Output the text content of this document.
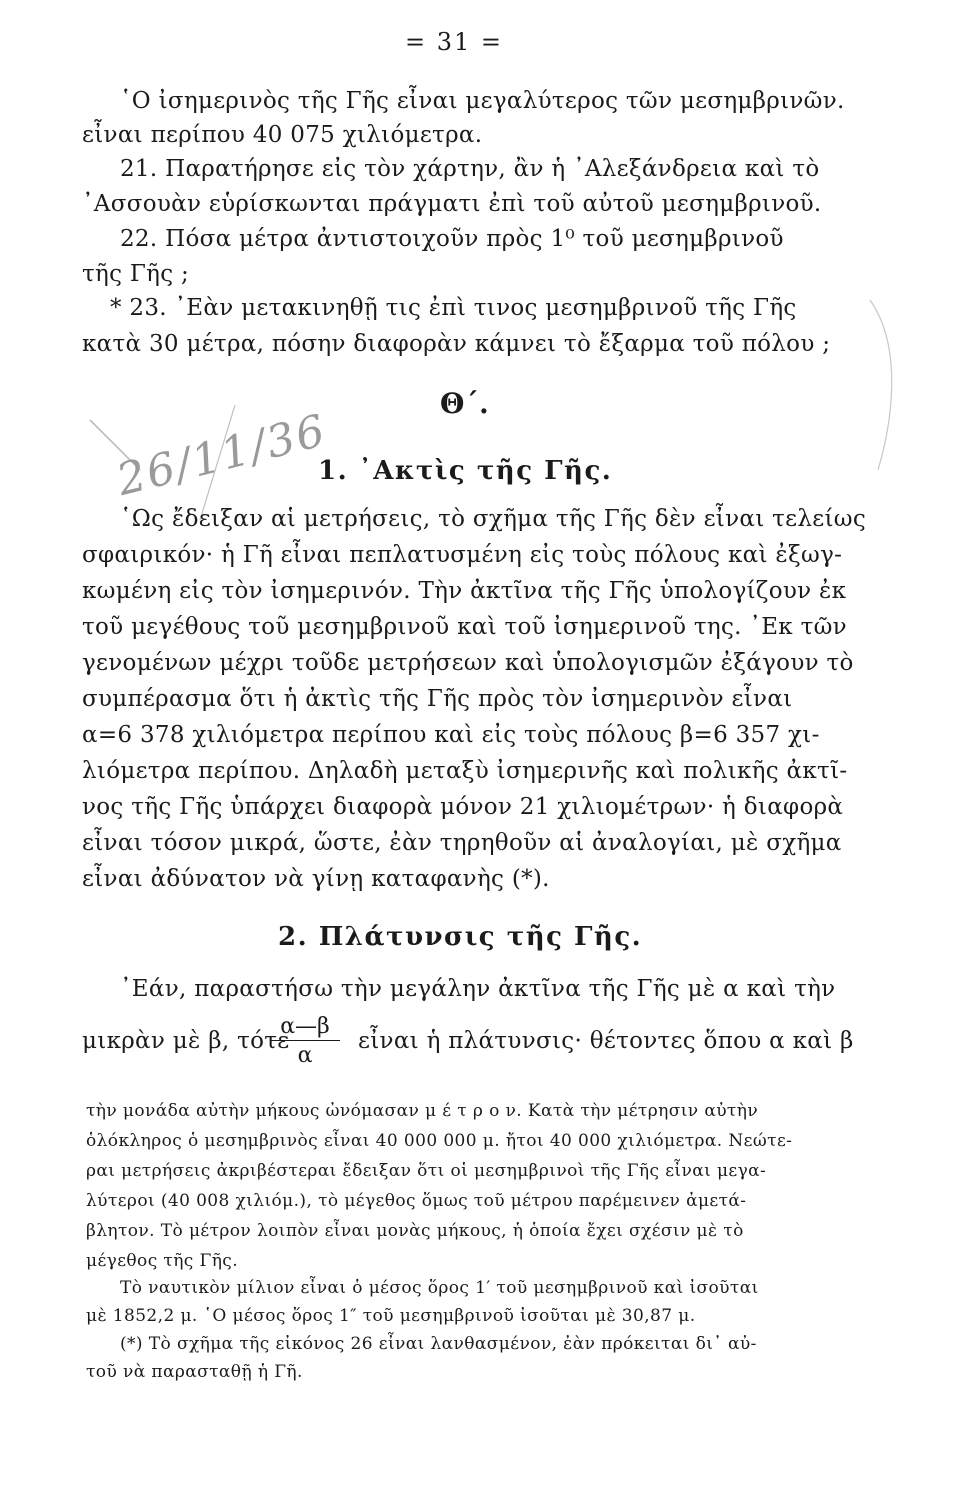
= 31 =
῾Ο ἰσημερινὸς τῆς Γῆς εἶναι μεγαλύτερος τῶν μεσημβρινῶν.
εἶναι περίπου 40 075 χιλιόμετρα.
21. Παρατήρησε εἰς τὸν χάρτην, ἂν ἡ ᾿Αλεξάνδρεια καὶ τὸ
᾿Ασσουὰν εὑρίσκωνται πράγματι ἐπὶ τοῦ αὐτοῦ μεσημβρινοῦ.
22. Πόσα μέτρα ἀντιστοιχοῦν πρὸς 1⁰ τοῦ μεσημβρινοῦ
τῆς Γῆς ;
* 23. ᾿Εὰν μετακινηθῇ τις ἐπὶ τινος μεσημβρινοῦ τῆς Γῆς
κατὰ 30 μέτρα, πόσην διαφορὰν κάμνει τὸ ἔξαρμα τοῦ πόλου ;
Θ΄.
26/11/36
1. ᾿Ακτὶς τῆς Γῆς.
῾Ως ἔδειξαν αἱ μετρήσεις, τὸ σχῆμα τῆς Γῆς δὲν εἶναι τελείως
σφαιρικόν· ἡ Γῆ εἶναι πεπλατυσμένη εἰς τοὺς πόλους καὶ ἐξωγ-
κωμένη εἰς τὸν ἰσημερινόν. Τὴν ἀκτῖνα τῆς Γῆς ὑπολογίζουν ἐκ
τοῦ μεγέθους τοῦ μεσημβρινοῦ καὶ τοῦ ἰσημερινοῦ της. ᾿Εκ τῶν
γενομένων μέχρι τοῦδε μετρήσεων καὶ ὑπολογισμῶν ἐξάγουν τὸ
συμπέρασμα ὅτι ἡ ἀκτὶς τῆς Γῆς πρὸς τὸν ἰσημερινὸν εἶναι
α=6 378 χιλιόμετρα περίπου καὶ εἰς τοὺς πόλους β=6 357 χι-
λιόμετρα περίπου. Δηλαδὴ μεταξὺ ἰσημερινῆς καὶ πολικῆς ἀκτῖ-
νος τῆς Γῆς ὑπάρχει διαφορὰ μόνον 21 χιλιομέτρων· ἡ διαφορὰ
εἶναι τόσον μικρά, ὥστε, ἐὰν τηρηθοῦν αἱ ἀναλογίαι, μὲ σχῆμα
εἶναι ἀδύνατον νὰ γίνῃ καταφανὴς (*).
2. Πλάτυνσις τῆς Γῆς.
᾿Εάν, παραστήσω τὴν μεγάλην ἀκτῖνα τῆς Γῆς μὲ α καὶ τὴν
μικρὰν μὲ β, τότε
$\frac{\alpha—\beta}{\alpha}$ εἶναι ἡ πλάτυνσις· θέτοντες ὅπου α καὶ β
τὴν μονάδα αὐτὴν μήκους ὠνόμασαν μ έ τ ρ ο ν. Κατὰ τὴν μέτρησιν αὐτὴν
ὁλόκληρος ὁ μεσημβρινὸς εἶναι 40 000 000 μ. ἤτοι 40 000 χιλιόμετρα. Νεώτε-
ραι μετρήσεις ἀκριβέστεραι ἔδειξαν ὅτι οἱ μεσημβρινοὶ τῆς Γῆς εἶναι μεγα-
λύτεροι (40 008 χιλιόμ.), τὸ μέγεθος ὅμως τοῦ μέτρου παρέμεινεν ἀμετά-
βλητον. Τὸ μέτρον λοιπὸν εἶναι μονὰς μήκους, ἡ ὁποία ἔχει σχέσιν μὲ τὸ
μέγεθος τῆς Γῆς.
Τὸ ναυτικὸν μίλιον εἶναι ὁ μέσος ὅρος 1′ τοῦ μεσημβρινοῦ καὶ ἰσοῦται
μὲ 1852,2 μ. ῾Ο μέσος ὅρος 1″ τοῦ μεσημβρινοῦ ἰσοῦται μὲ 30,87 μ.
(*) Τὸ σχῆμα τῆς εἰκόνος 26 εἶναι λανθασμένον, ἐὰν πρόκειται δι᾿ αὐ-
τοῦ νὰ παρασταθῇ ἡ Γῆ.
